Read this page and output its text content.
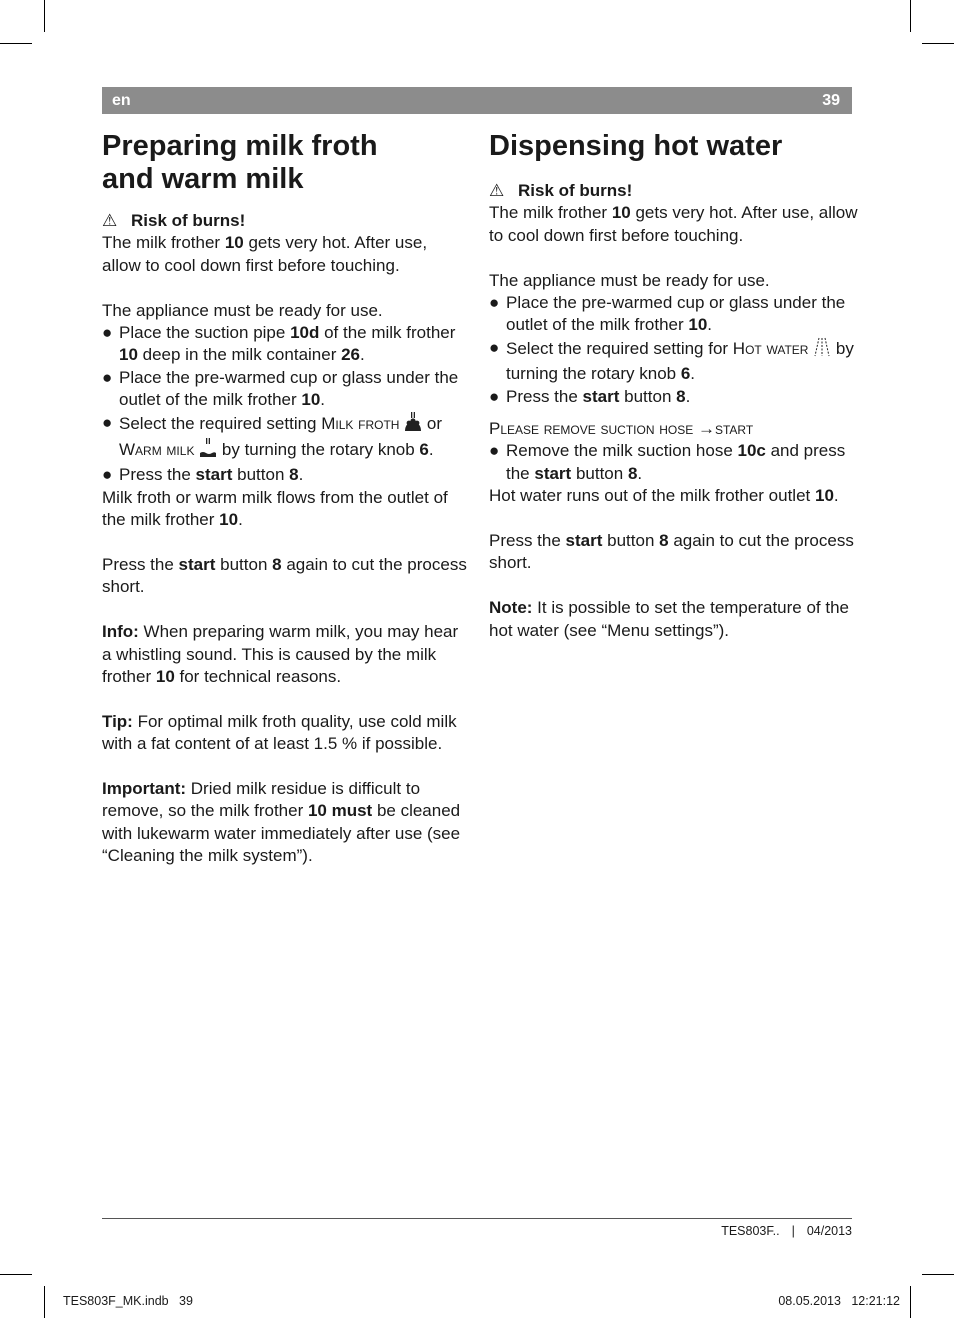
en	39
Preparing milk froth
and warm milk

⚠ Risk of burns!

The milk frother 10 gets very hot. After use, allow to cool down first before touching.

The appliance must be ready for use.

● Place the suction pipe 10d of the milk frother 10 deep in the milk container 26.
● Place the pre-warmed cup or glass under the outlet of the milk frother 10.
● Select the required setting Milk froth  or Warm milk  by turning the rotary knob 6.
● Press the start button 8.

Milk froth or warm milk flows from the outlet of the milk frother 10.

Press the start button 8 again to cut the process short.

Info: When preparing warm milk, you may hear a whistling sound. This is caused by the milk frother 10 for technical reasons.

Tip: For optimal milk froth quality, use cold milk with a fat content of at least 1.5 % if possible.

Important: Dried milk residue is difficult to remove, so the milk frother 10 must be cleaned with lukewarm water immediately after use (see “Cleaning the milk system”).

Dispensing hot water

⚠ Risk of burns!

The milk frother 10 gets very hot. After use, allow to cool down first before touching.

The appliance must be ready for use.

● Place the pre-warmed cup or glass under the outlet of the milk frother 10.
● Select the required setting for Hot water  by turning the rotary knob 6.
● Press the start button 8.

Please remove suction hose →start

● Remove the milk suction hose 10c and press the start button 8.

Hot water runs out of the milk frother outlet 10.

Press the start button 8 again to cut the process short.

Note: It is possible to set the temperature of the hot water (see “Menu settings”).

TES803F.. | 04/2013
TES803F_MK.indb   39	08.05.2013   12:21:12
